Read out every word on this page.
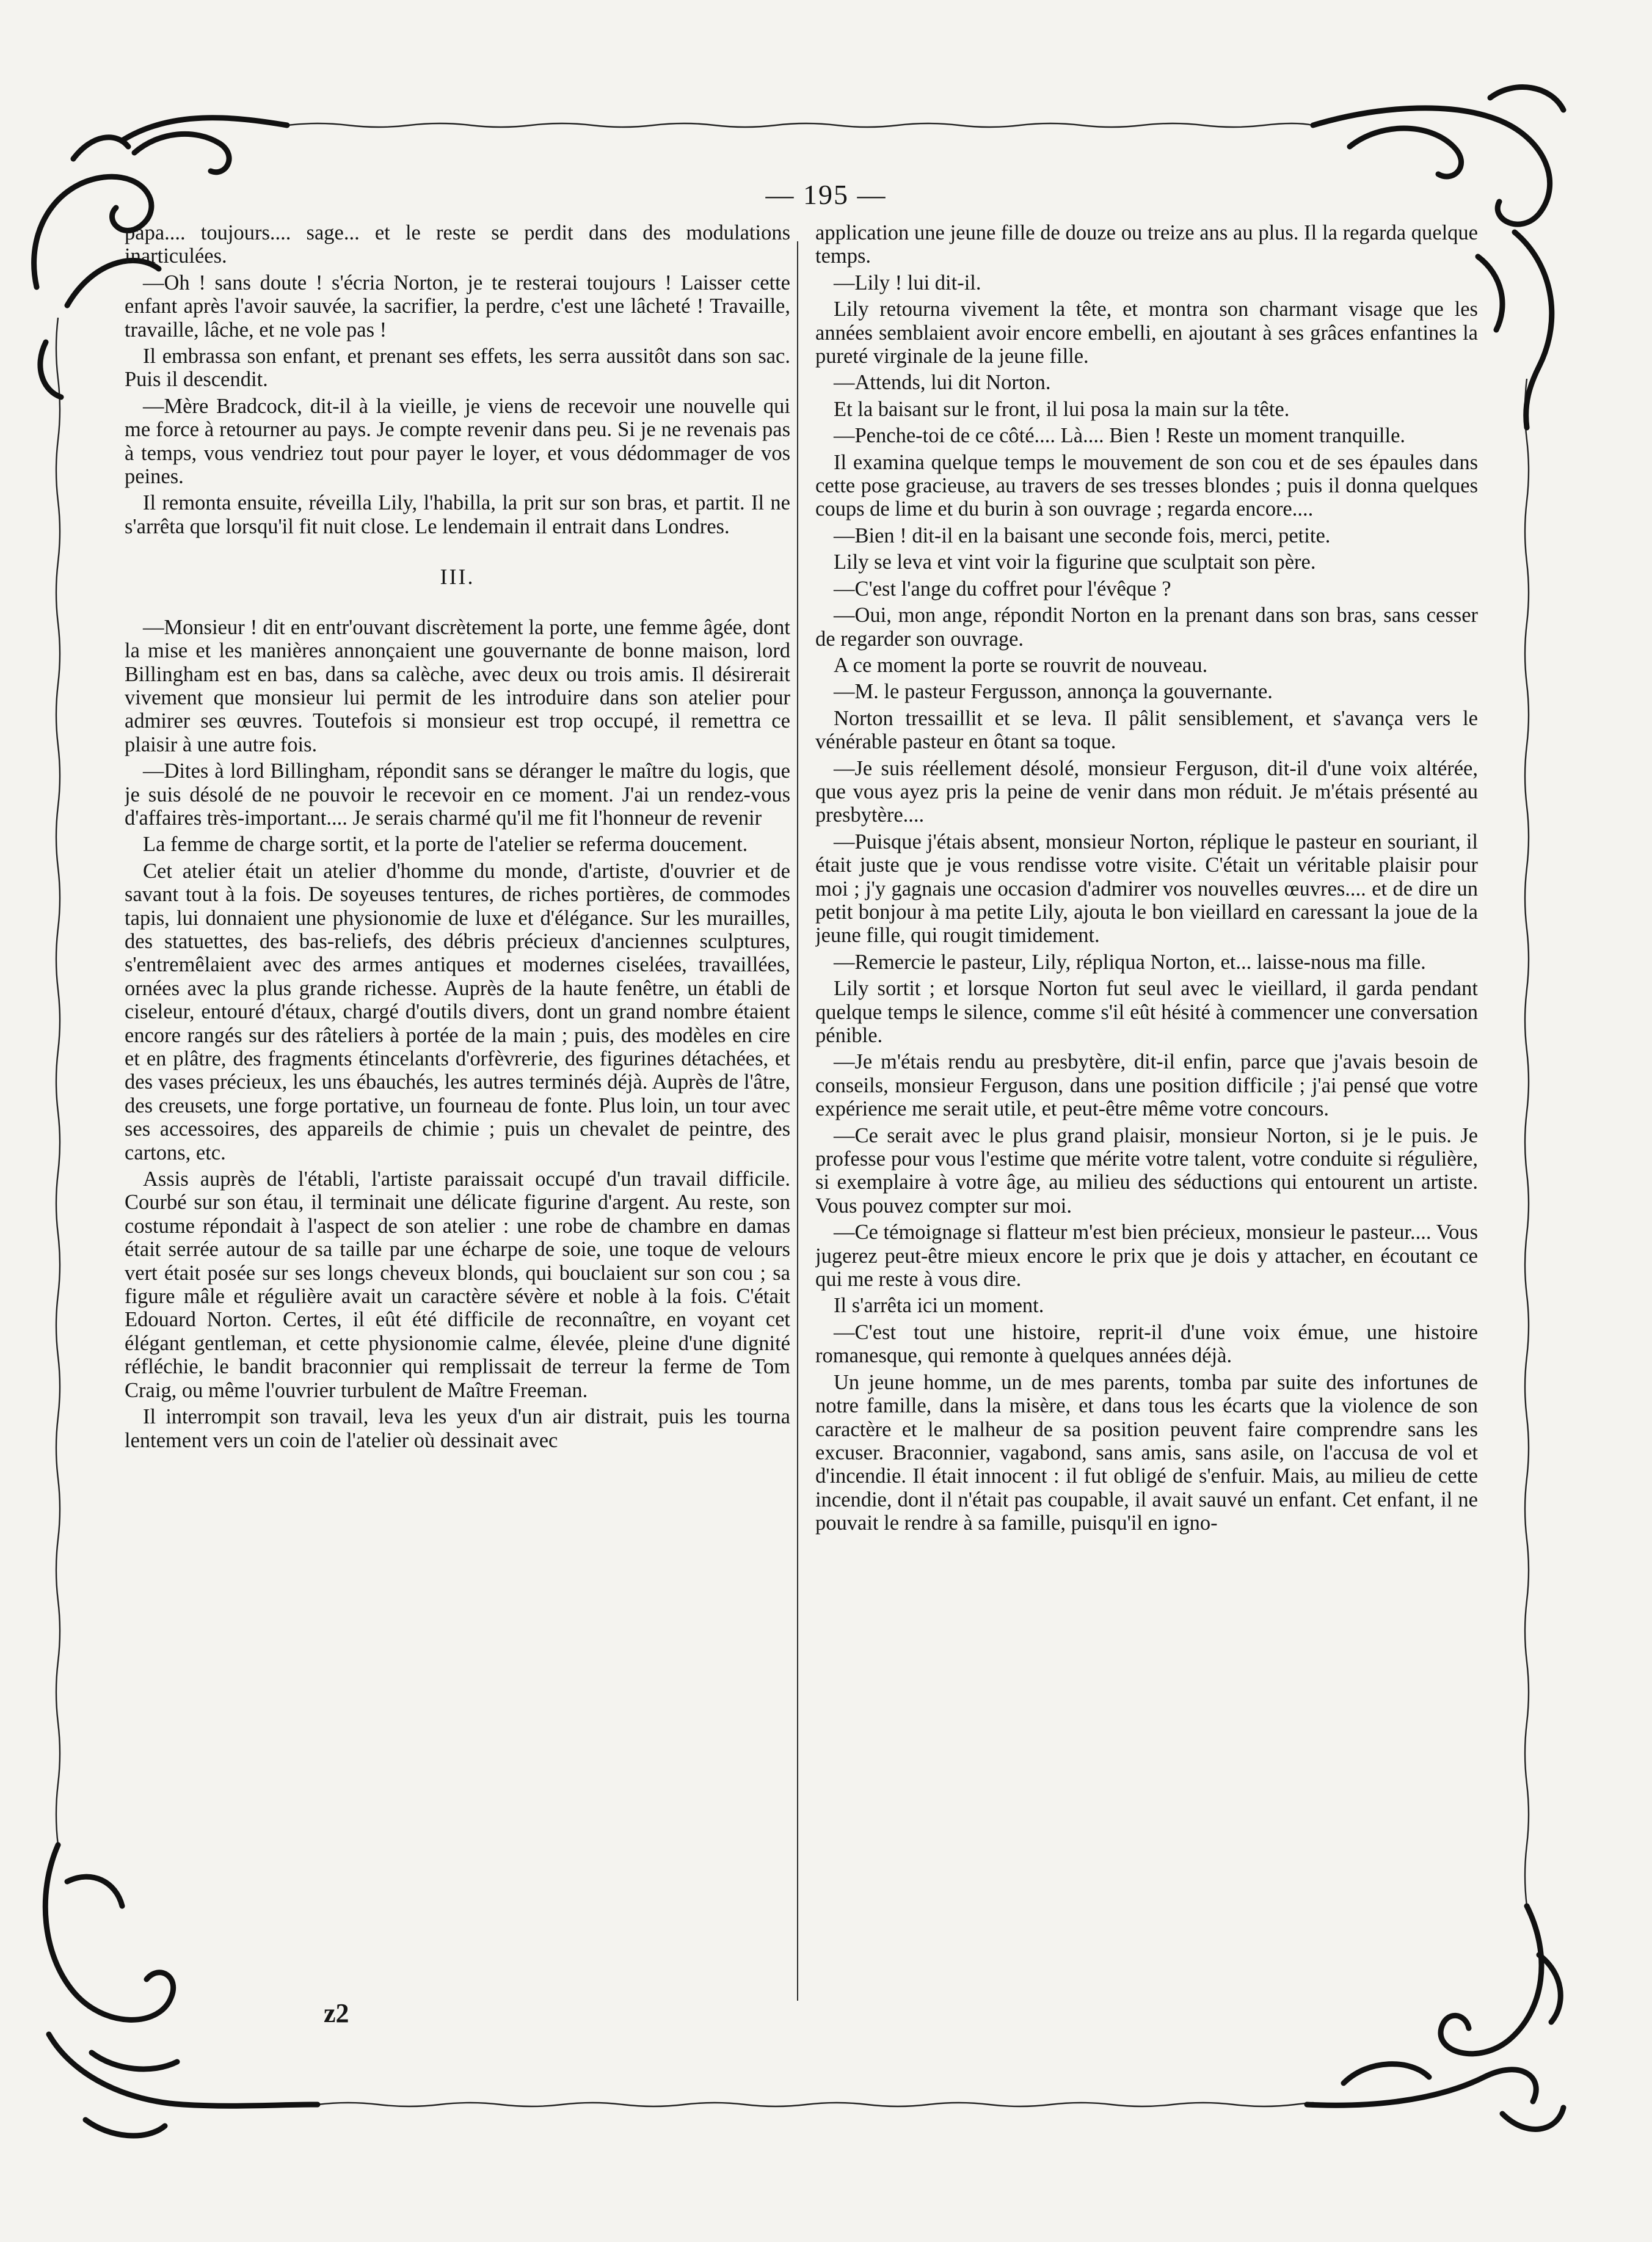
— 195 —

papa.... toujours.... sage... et le reste se perdit dans des modulations inarticulées.

—Oh ! sans doute ! s'écria Norton, je te resterai toujours ! Laisser cette enfant après l'avoir sauvée, la sacrifier, la perdre, c'est une lâcheté ! Travaille, travaille, lâche, et ne vole pas !

Il embrassa son enfant, et prenant ses effets, les serra aussitôt dans son sac. Puis il descendit.

—Mère Bradcock, dit-il à la vieille, je viens de recevoir une nouvelle qui me force à retourner au pays. Je compte revenir dans peu. Si je ne revenais pas à temps, vous vendriez tout pour payer le loyer, et vous dédommager de vos peines.

Il remonta ensuite, réveilla Lily, l'habilla, la prit sur son bras, et partit. Il ne s'arrêta que lorsqu'il fit nuit close. Le lendemain il entrait dans Londres.

III.

—Monsieur ! dit en entr'ouvant discrètement la porte, une femme âgée, dont la mise et les manières annonçaient une gouvernante de bonne maison, lord Billingham est en bas, dans sa calèche, avec deux ou trois amis. Il désirerait vivement que monsieur lui permit de les introduire dans son atelier pour admirer ses œuvres. Toutefois si monsieur est trop occupé, il remettra ce plaisir à une autre fois.

—Dites à lord Billingham, répondit sans se déranger le maître du logis, que je suis désolé de ne pouvoir le recevoir en ce moment. J'ai un rendez-vous d'affaires très-important.... Je serais charmé qu'il me fit l'honneur de revenir

La femme de charge sortit, et la porte de l'atelier se referma doucement.

Cet atelier était un atelier d'homme du monde, d'artiste, d'ouvrier et de savant tout à la fois. De soyeuses tentures, de riches portières, de commodes tapis, lui donnaient une physionomie de luxe et d'élégance. Sur les murailles, des statuettes, des bas-reliefs, des débris précieux d'anciennes sculptures, s'entremêlaient avec des armes antiques et modernes ciselées, travaillées, ornées avec la plus grande richesse. Auprès de la haute fenêtre, un établi de ciseleur, entouré d'étaux, chargé d'outils divers, dont un grand nombre étaient encore rangés sur des râteliers à portée de la main ; puis, des modèles en cire et en plâtre, des fragments étincelants d'orfèvrerie, des figurines détachées, et des vases précieux, les uns ébauchés, les autres terminés déjà. Auprès de l'âtre, des creusets, une forge portative, un fourneau de fonte. Plus loin, un tour avec ses accessoires, des appareils de chimie ; puis un chevalet de peintre, des cartons, etc.

Assis auprès de l'établi, l'artiste paraissait occupé d'un travail difficile. Courbé sur son étau, il terminait une délicate figurine d'argent. Au reste, son costume répondait à l'aspect de son atelier : une robe de chambre en damas était serrée autour de sa taille par une écharpe de soie, une toque de velours vert était posée sur ses longs cheveux blonds, qui bouclaient sur son cou ; sa figure mâle et régulière avait un caractère sévère et noble à la fois. C'était Edouard Norton. Certes, il eût été difficile de reconnaître, en voyant cet élégant gentleman, et cette physionomie calme, élevée, pleine d'une dignité réfléchie, le bandit braconnier qui remplissait de terreur la ferme de Tom Craig, ou même l'ouvrier turbulent de Maître Freeman.

Il interrompit son travail, leva les yeux d'un air distrait, puis les tourna lentement vers un coin de l'atelier où dessinait avec

application une jeune fille de douze ou treize ans au plus. Il la regarda quelque temps.

—Lily ! lui dit-il.

Lily retourna vivement la tête, et montra son charmant visage que les années semblaient avoir encore embelli, en ajoutant à ses grâces enfantines la pureté virginale de la jeune fille.

—Attends, lui dit Norton.

Et la baisant sur le front, il lui posa la main sur la tête.

—Penche-toi de ce côté.... Là.... Bien ! Reste un moment tranquille.

Il examina quelque temps le mouvement de son cou et de ses épaules dans cette pose gracieuse, au travers de ses tresses blondes ; puis il donna quelques coups de lime et du burin à son ouvrage ; regarda encore....

—Bien ! dit-il en la baisant une seconde fois, merci, petite.

Lily se leva et vint voir la figurine que sculptait son père.

—C'est l'ange du coffret pour l'évêque ?

—Oui, mon ange, répondit Norton en la prenant dans son bras, sans cesser de regarder son ouvrage.

A ce moment la porte se rouvrit de nouveau.

—M. le pasteur Fergusson, annonça la gouvernante.

Norton tressaillit et se leva. Il pâlit sensiblement, et s'avança vers le vénérable pasteur en ôtant sa toque.

—Je suis réellement désolé, monsieur Ferguson, dit-il d'une voix altérée, que vous ayez pris la peine de venir dans mon réduit. Je m'étais présenté au presbytère....

—Puisque j'étais absent, monsieur Norton, réplique le pasteur en souriant, il était juste que je vous rendisse votre visite. C'était un véritable plaisir pour moi ; j'y gagnais une occasion d'admirer vos nouvelles œuvres.... et de dire un petit bonjour à ma petite Lily, ajouta le bon vieillard en caressant la joue de la jeune fille, qui rougit timidement.

—Remercie le pasteur, Lily, répliqua Norton, et... laisse-nous ma fille.

Lily sortit ; et lorsque Norton fut seul avec le vieillard, il garda pendant quelque temps le silence, comme s'il eût hésité à commencer une conversation pénible.

—Je m'étais rendu au presbytère, dit-il enfin, parce que j'avais besoin de conseils, monsieur Ferguson, dans une position difficile ; j'ai pensé que votre expérience me serait utile, et peut-être même votre concours.

—Ce serait avec le plus grand plaisir, monsieur Norton, si je le puis. Je professe pour vous l'estime que mérite votre talent, votre conduite si régulière, si exemplaire à votre âge, au milieu des séductions qui entourent un artiste. Vous pouvez compter sur moi.

—Ce témoignage si flatteur m'est bien précieux, monsieur le pasteur.... Vous jugerez peut-être mieux encore le prix que je dois y attacher, en écoutant ce qui me reste à vous dire.

Il s'arrêta ici un moment.

—C'est tout une histoire, reprit-il d'une voix émue, une histoire romanesque, qui remonte à quelques années déjà.

Un jeune homme, un de mes parents, tomba par suite des infortunes de notre famille, dans la misère, et dans tous les écarts que la violence de son caractère et le malheur de sa position peuvent faire comprendre sans les excuser. Braconnier, vagabond, sans amis, sans asile, on l'accusa de vol et d'incendie. Il était innocent : il fut obligé de s'enfuir. Mais, au milieu de cette incendie, dont il n'était pas coupable, il avait sauvé un enfant. Cet enfant, il ne pouvait le rendre à sa famille, puisqu'il en igno-

z2
